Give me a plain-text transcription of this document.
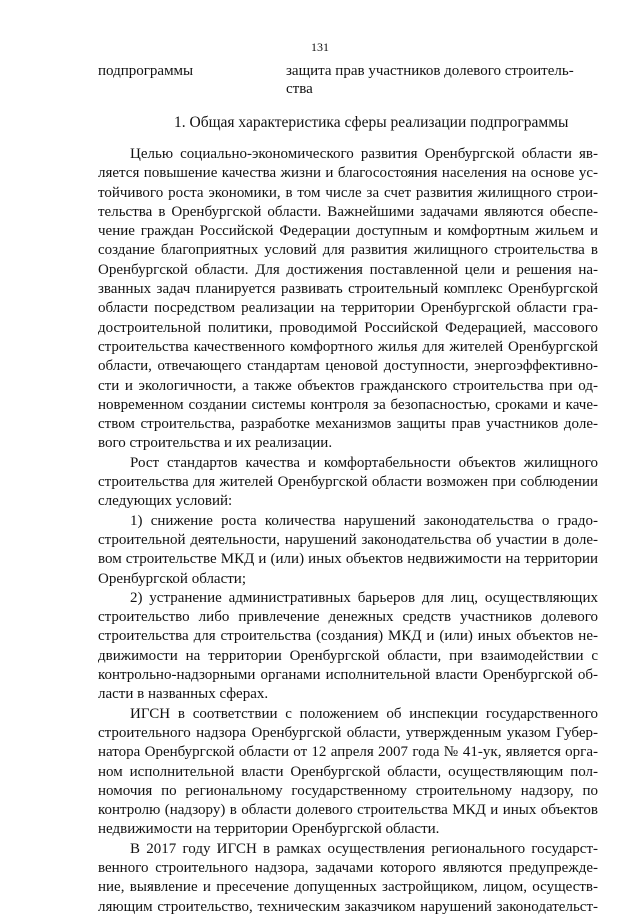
131
подпрограммы	защита прав участников долевого строитель-
ства
1. Общая характеристика сферы реализации подпрограммы
Целью социально-экономического развития Оренбургской области яв-
ляется повышение качества жизни и благосостояния населения на основе ус-
тойчивого роста экономики, в том числе за счет развития жилищного строи-
тельства в Оренбургской области. Важнейшими задачами являются обеспе-
чение граждан Российской Федерации доступным и комфортным жильем и
создание благоприятных условий для развития жилищного строительства в
Оренбургской области. Для достижения поставленной цели и решения на-
званных задач планируется развивать строительный комплекс Оренбургской
области посредством реализации на территории Оренбургской области гра-
достроительной политики, проводимой Российской Федерацией, массового
строительства качественного комфортного жилья для жителей Оренбургской
области, отвечающего стандартам ценовой доступности, энергоэффективно-
сти и экологичности, а также объектов гражданского строительства при од-
новременном создании системы контроля за безопасностью, сроками и каче-
ством строительства, разработке механизмов защиты прав участников доле-
вого строительства и их реализации.
Рост стандартов качества и комфортабельности объектов жилищного
строительства для жителей Оренбургской области возможен при соблюдении
следующих условий:
1) снижение роста количества нарушений законодательства о градо-
строительной деятельности, нарушений законодательства об участии в доле-
вом строительстве МКД и (или) иных объектов недвижимости на территории
Оренбургской области;
2) устранение административных барьеров для лиц, осуществляющих
строительство либо привлечение денежных средств участников долевого
строительства для строительства (создания) МКД и (или) иных объектов не-
движимости на территории Оренбургской области, при взаимодействии с
контрольно-надзорными органами исполнительной власти Оренбургской об-
ласти в названных сферах.
ИГСН в соответствии с положением об инспекции государственного
строительного надзора Оренбургской области, утвержденным указом Губер-
натора Оренбургской области от 12 апреля 2007 года № 41-ук, является орга-
ном исполнительной власти Оренбургской области, осуществляющим пол-
номочия по региональному государственному строительному надзору, по
контролю (надзору) в области долевого строительства МКД и иных объектов
недвижимости на территории Оренбургской области.
В 2017 году ИГСН в рамках осуществления регионального государст-
венного строительного надзора, задачами которого являются предупрежде-
ние, выявление и пресечение допущенных застройщиком, лицом, осуществ-
ляющим строительство, техническим заказчиком нарушений законодательст-
